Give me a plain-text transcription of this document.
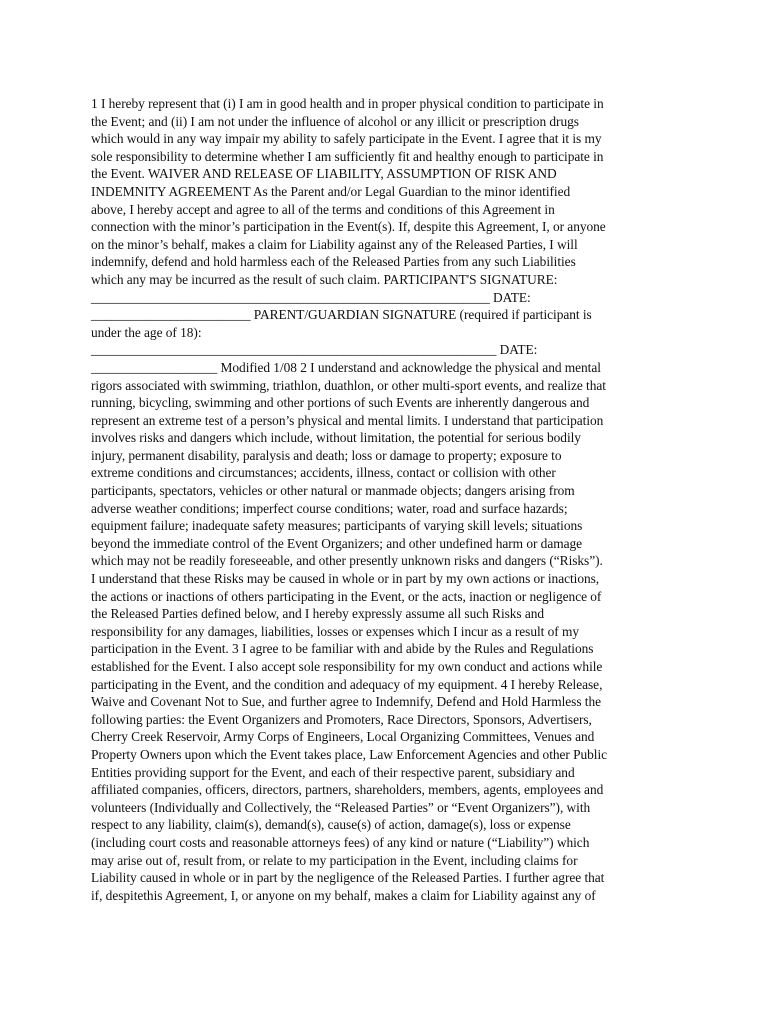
1 I hereby represent that (i) I am in good health and in proper physical condition to participate in
the Event; and (ii) I am not under the influence of alcohol or any illicit or prescription drugs
which would in any way impair my ability to safely participate in the Event. I agree that it is my
sole responsibility to determine whether I am sufficiently fit and healthy enough to participate in
the Event. WAIVER AND RELEASE OF LIABILITY, ASSUMPTION OF RISK AND
INDEMNITY AGREEMENT As the Parent and/or Legal Guardian to the minor identified
above, I hereby accept and agree to all of the terms and conditions of this Agreement in
connection with the minor’s participation in the Event(s). If, despite this Agreement, I, or anyone
on the minor’s behalf, makes a claim for Liability against any of the Released Parties, I will
indemnify, defend and hold harmless each of the Released Parties from any such Liabilities
which any may be incurred as the result of such claim. PARTICIPANT'S SIGNATURE:
____________________________________________________________ DATE:
________________________ PARENT/GUARDIAN SIGNATURE (required if participant is
under the age of 18):
_____________________________________________________________ DATE:
___________________ Modified 1/08 2 I understand and acknowledge the physical and mental
rigors associated with swimming, triathlon, duathlon, or other multi-sport events, and realize that
running, bicycling, swimming and other portions of such Events are inherently dangerous and
represent an extreme test of a person’s physical and mental limits. I understand that participation
involves risks and dangers which include, without limitation, the potential for serious bodily
injury, permanent disability, paralysis and death; loss or damage to property; exposure to
extreme conditions and circumstances; accidents, illness, contact or collision with other
participants, spectators, vehicles or other natural or manmade objects; dangers arising from
adverse weather conditions; imperfect course conditions; water, road and surface hazards;
equipment failure; inadequate safety measures; participants of varying skill levels; situations
beyond the immediate control of the Event Organizers; and other undefined harm or damage
which may not be readily foreseeable, and other presently unknown risks and dangers (“Risks”).
I understand that these Risks may be caused in whole or in part by my own actions or inactions,
the actions or inactions of others participating in the Event, or the acts, inaction or negligence of
the Released Parties defined below, and I hereby expressly assume all such Risks and
responsibility for any damages, liabilities, losses or expenses which I incur as a result of my
participation in the Event. 3 I agree to be familiar with and abide by the Rules and Regulations
established for the Event. I also accept sole responsibility for my own conduct and actions while
participating in the Event, and the condition and adequacy of my equipment. 4 I hereby Release,
Waive and Covenant Not to Sue, and further agree to Indemnify, Defend and Hold Harmless the
following parties: the Event Organizers and Promoters, Race Directors, Sponsors, Advertisers,
Cherry Creek Reservoir, Army Corps of Engineers, Local Organizing Committees, Venues and
Property Owners upon which the Event takes place, Law Enforcement Agencies and other Public
Entities providing support for the Event, and each of their respective parent, subsidiary and
affiliated companies, officers, directors, partners, shareholders, members, agents, employees and
volunteers (Individually and Collectively, the “Released Parties” or “Event Organizers”), with
respect to any liability, claim(s), demand(s), cause(s) of action, damage(s), loss or expense
(including court costs and reasonable attorneys fees) of any kind or nature (“Liability”) which
may arise out of, result from, or relate to my participation in the Event, including claims for
Liability caused in whole or in part by the negligence of the Released Parties. I further agree that
if, despitethis Agreement, I, or anyone on my behalf, makes a claim for Liability against any of
